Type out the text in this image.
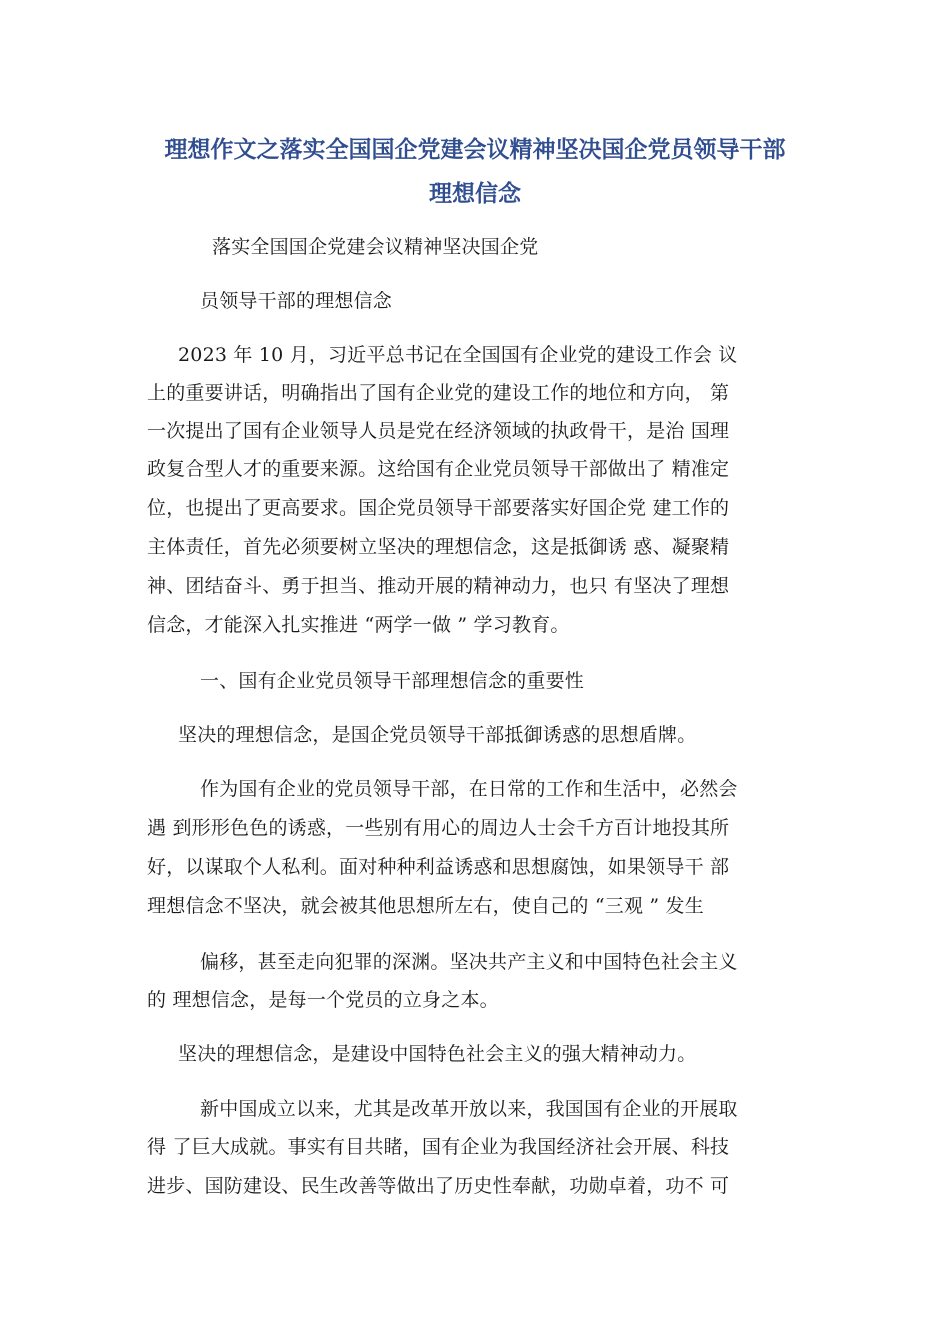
理想作文之落实全国国企党建会议精神坚决国企党员领导干部
理想信念
落实全国国企党建会议精神坚决国企党
员领导干部的理想信念
2023 年 10 月，习近平总书记在全国国有企业党的建设工作会 议
上的重要讲话，明确指出了国有企业党的建设工作的地位和方向， 第
一次提出了国有企业领导人员是党在经济领域的执政骨干，是治 国理
政复合型人才的重要来源。这给国有企业党员领导干部做出了 精准定
位，也提出了更高要求。国企党员领导干部要落实好国企党 建工作的
主体责任，首先必须要树立坚决的理想信念，这是抵御诱 惑、凝聚精
神、团结奋斗、勇于担当、推动开展的精神动力，也只 有坚决了理想
信念，才能深入扎实推进 “两学一做 ” 学习教育。
一、国有企业党员领导干部理想信念的重要性
坚决的理想信念，是国企党员领导干部抵御诱惑的思想盾牌。
作为国有企业的党员领导干部，在日常的工作和生活中，必然会
遇 到形形色色的诱惑，一些别有用心的周边人士会千方百计地投其所
好，以谋取个人私利。面对种种利益诱惑和思想腐蚀，如果领导干 部
理想信念不坚决，就会被其他思想所左右，使自己的 “三观 ” 发生
偏移，甚至走向犯罪的深渊。坚决共产主义和中国特色社会主义
的 理想信念，是每一个党员的立身之本。
坚决的理想信念，是建设中国特色社会主义的强大精神动力。
新中国成立以来，尤其是改革开放以来，我国国有企业的开展取
得 了巨大成就。事实有目共睹，国有企业为我国经济社会开展、科技
进步、国防建设、民生改善等做出了历史性奉献，功勋卓着，功不 可
